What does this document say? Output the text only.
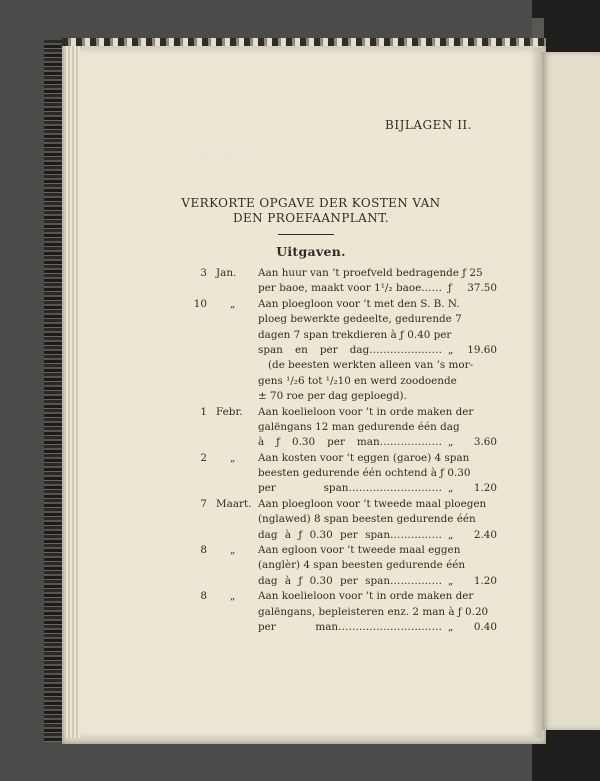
~ ~ ~ ~ ~
BIJLAGEN II.
VERKORTE OPGAVE DER KOSTEN VAN
DEN PROEFAANPLANT.
Uitgaven.
3 Jan. Aan huur van ’t proefveld bedragende ƒ 25
per baoe, maakt voor 1¹/₂ baoe…… ƒ 37.50
10 „ Aan ploegloon voor ’t met den S. B. N.
ploeg bewerkte gedeelte, gedurende 7
dagen 7 span trekdieren à ƒ 0.40 per
span en per dag………………… „ 19.60
(de beesten werkten alleen van ’s mor-
gens ¹/₂6 tot ¹/₂10 en werd zoodoende
± 70 roe per dag geploegd).
1 Febr. Aan koelieloon voor ’t in orde maken der
galëngans 12 man gedurende één dag
à ƒ 0.30 per man……………… „	3.60
2 „ Aan kosten voor ’t eggen (garoe) 4 span
beesten gedurende één ochtend à ƒ 0.30
per span……………………… „	1.20
7 Maart. Aan ploegloon voor ’t tweede maal ploegen
(nglawed) 8 span beesten gedurende één
dag à ƒ 0.30 per span…………… „	2.40
8 „ Aan egloon voor ’t tweede maal eggen
(anglèr) 4 span beesten gedurende één
dag à ƒ 0.30 per span…………… „	1.20
8 „ Aan koelieloon voor ’t in orde maken der
galëngans, bepleisteren enz. 2 man à ƒ 0.20
per man………………………… „	0.40
